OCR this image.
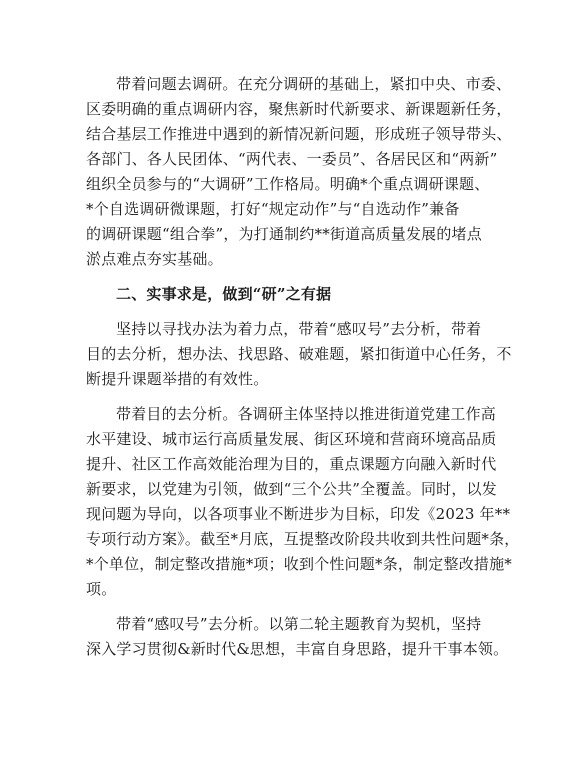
带着问题去调研。在充分调研的基础上，紧扣中央、市委、

区委明确的重点调研内容，聚焦新时代新要求、新课题新任务，

结合基层工作推进中遇到的新情况新问题，形成班子领导带头、

各部门、各人民团体、“两代表、一委员”、各居民区和“两新”

组织全员参与的“大调研”工作格局。明确*个重点调研课题、

*个自选调研微课题，打好“规定动作”与“自选动作”兼备

的调研课题“组合拳”，为打通制约**街道高质量发展的堵点

淤点难点夯实基础。

二、实事求是，做到“研”之有据

坚持以寻找办法为着力点，带着“感叹号”去分析，带着

目的去分析，想办法、找思路、破难题，紧扣街道中心任务，不

断提升课题举措的有效性。

带着目的去分析。各调研主体坚持以推进街道党建工作高

水平建设、城市运行高质量发展、街区环境和营商环境高品质

提升、社区工作高效能治理为目的，重点课题方向融入新时代

新要求，以党建为引领，做到“三个公共”全覆盖。同时，以发

现问题为导向，以各项事业不断进步为目标，印发《2023 年**

专项行动方案》。截至*月底，互提整改阶段共收到共性问题*条，

*个单位，制定整改措施*项；收到个性问题*条，制定整改措施*

项。

带着“感叹号”去分析。以第二轮主题教育为契机，坚持

深入学习贯彻&新时代&思想，丰富自身思路，提升干事本领。
